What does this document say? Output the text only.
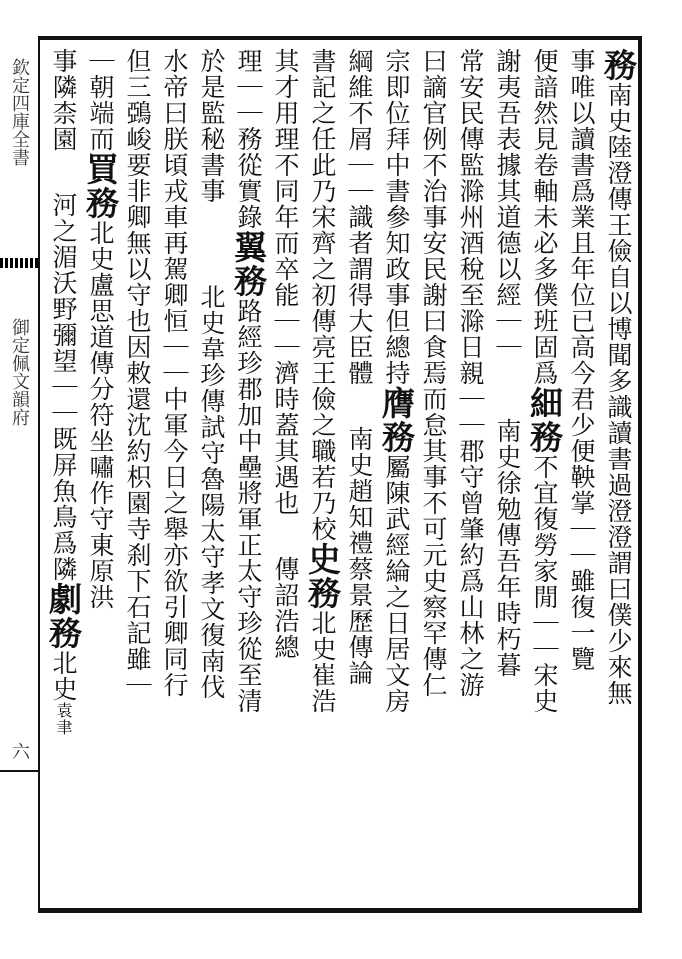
欽定四庫全書
御定佩文韻府
六
務
南史陸澄傳王儉自以博聞多識讀書過澄澄謂曰僕少來無
事唯以讀書爲業且年位已高今君少便鞅掌｜｜雖復一覽
便諳然見卷軸未必多僕班固爲
細務
不宜復勞家閒｜｜宋史
謝夷吾表據其道德以經｜｜
南史徐勉傳吾年時朽暮
常安民傳監滁州酒稅至滁日親｜｜郡守曾肇約爲山林之游
曰謫官例不治事安民謝曰食焉而怠其事不可元史察罕傳仁
宗即位拜中書參知政事但總持
膺務
屬陳武經綸之日居文房
綱維不屑｜｜識者謂得大臣體
南史趙知禮蔡景歷傳論
書記之任此乃宋齊之初傳亮王儉之職若乃校
史務
北史崔浩
其才用理不同年而卒能｜｜濟時蓋其遇也
傳詔浩總
理｜｜務從實錄
翼務
路經珍郡加中壘將軍正太守珍從至清
於是監秘書事
北史韋珍傳試守魯陽太守孝文復南伐
水帝曰朕頃戎車再駕卿恒｜｜中軍今日之舉亦欲引卿同行
但三鵶峻要非卿無以守也因敕還沈約枳園寺刹下石記雖｜
｜朝端而
買務
北史盧思道傳分符坐嘯作守東原洪
事隣柰園
河之湄沃野彌望｜｜既屏魚鳥爲隣
劇務
北史
袁聿
